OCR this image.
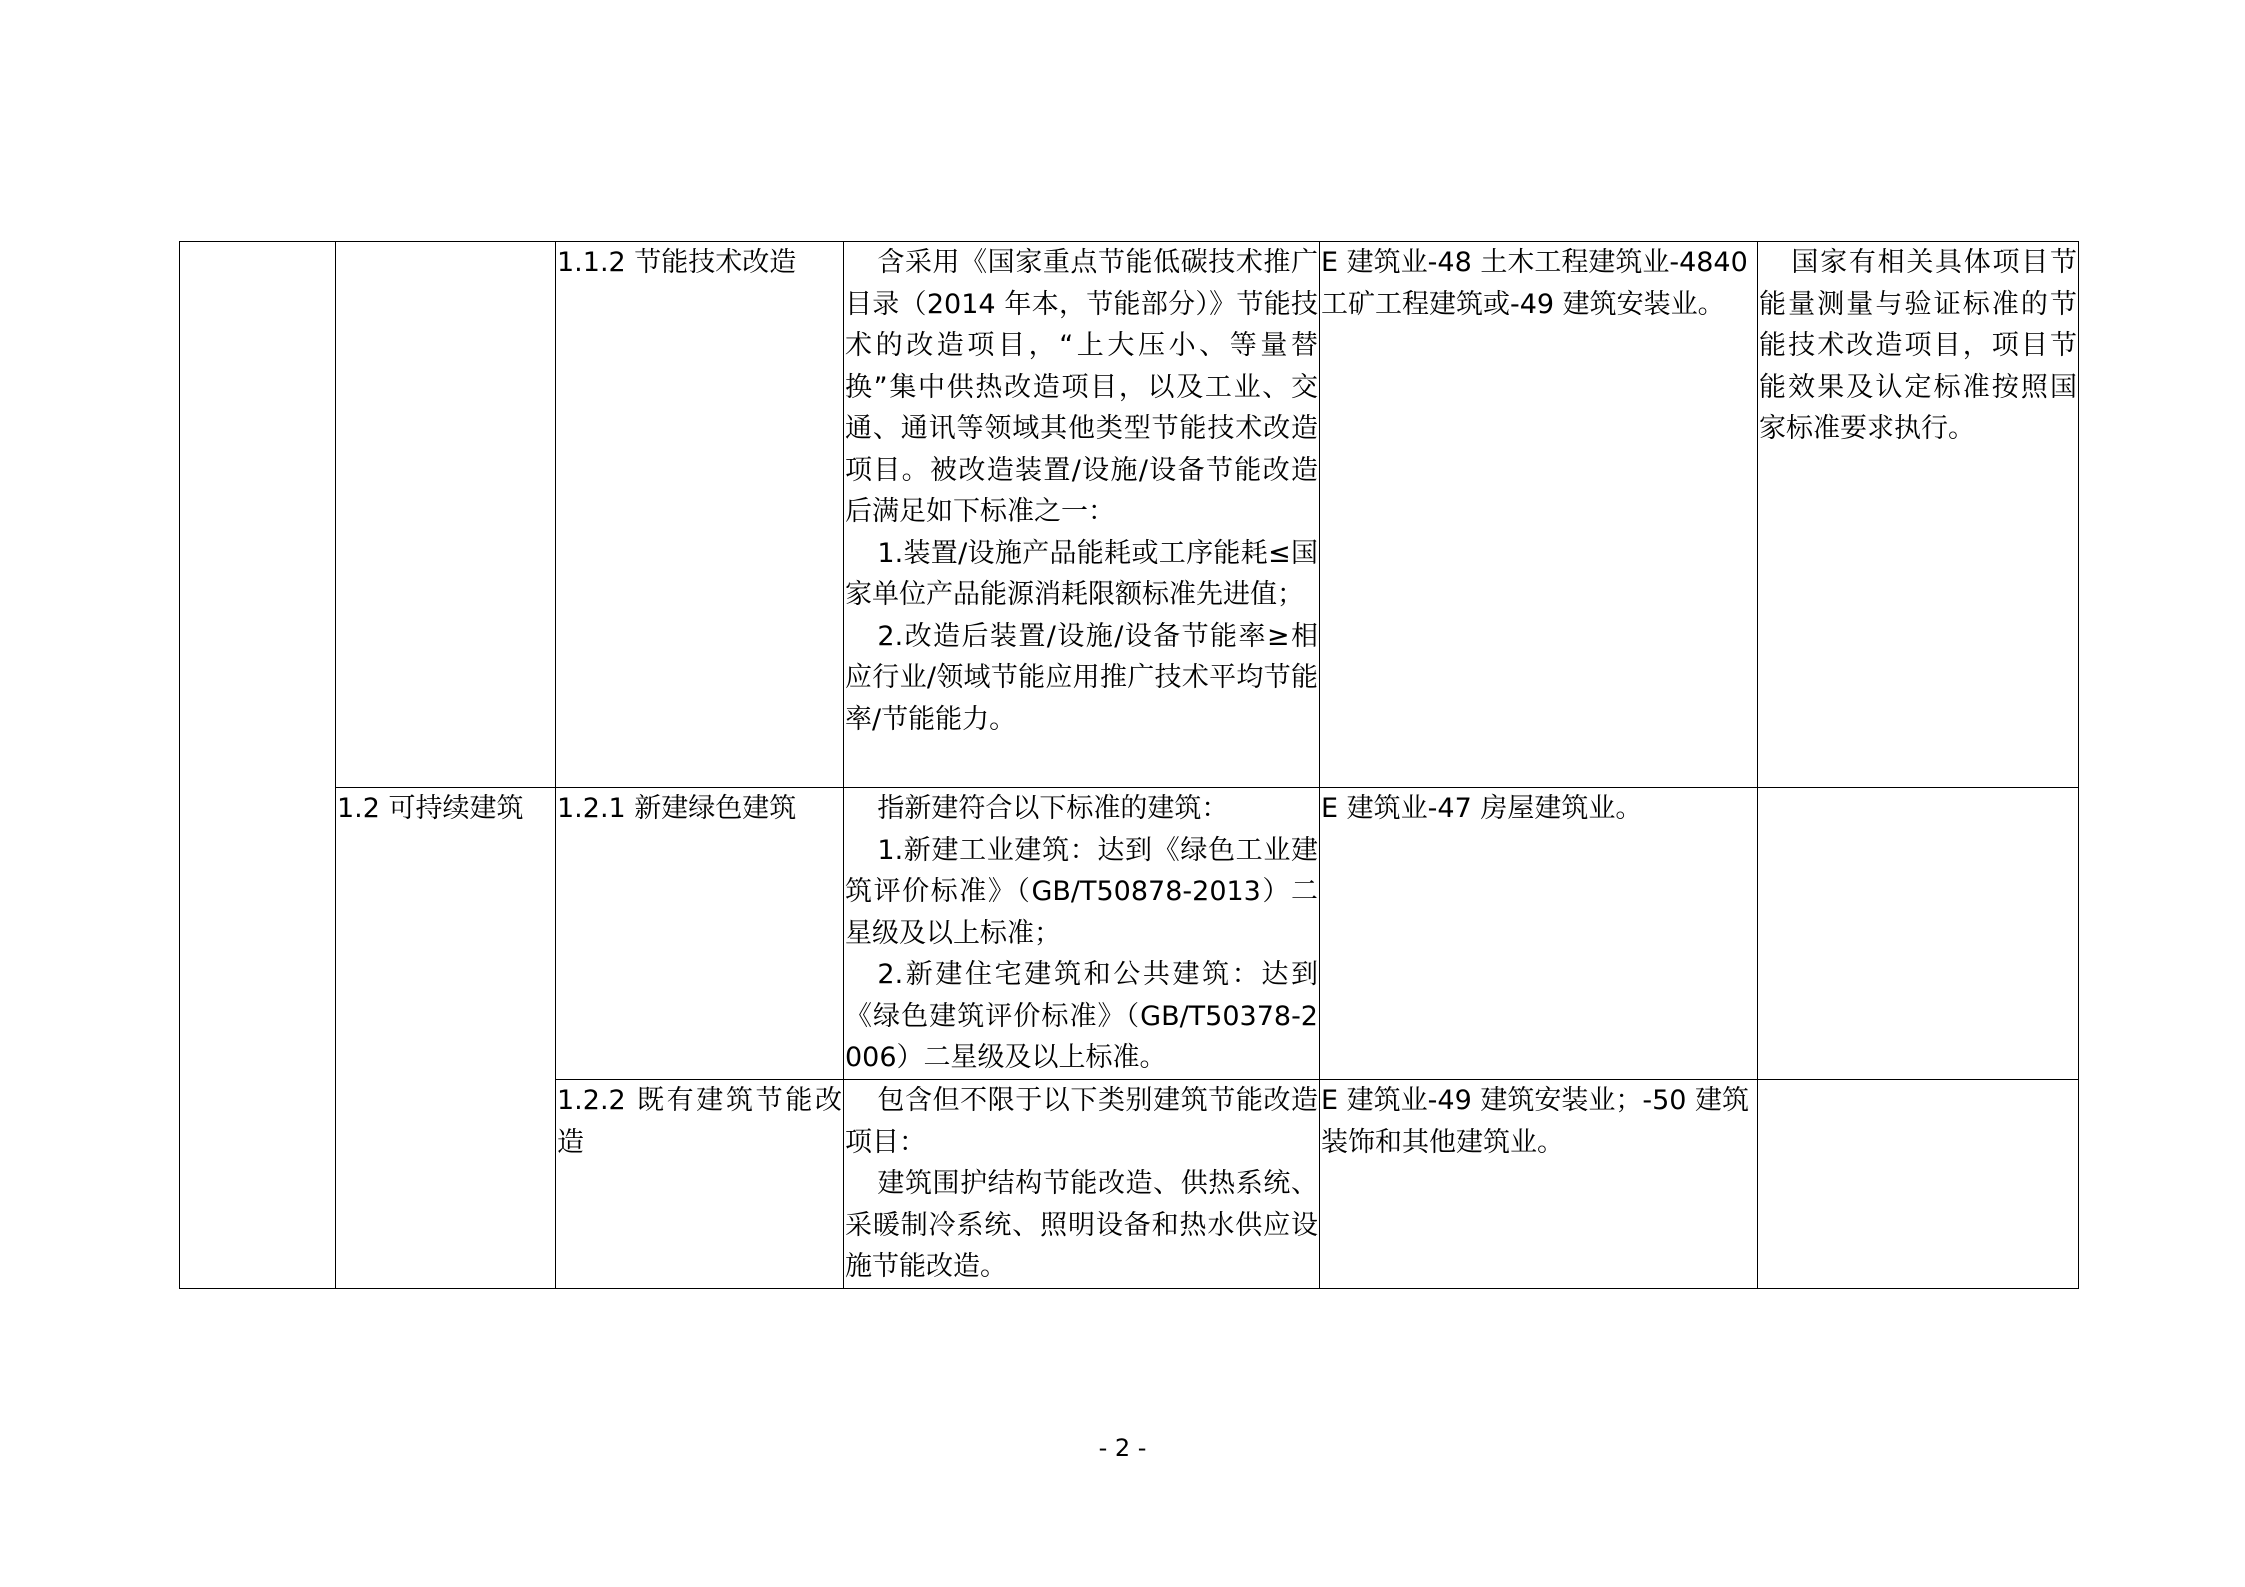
		1.1.2 节能技术改造	含采用《国家重点节能低碳技术推广目录（2014 年本，节能部分）》节能技术的改造项目，“上大压小、等量替换”集中供热改造项目，以及工业、交通、通讯等领域其他类型节能技术改造项目。被改造装置/设施/设备节能改造后满足如下标准之一：
1.装置/设施产品能耗或工序能耗≤国家单位产品能源消耗限额标准先进值；
2.改造后装置/设施/设备节能率≥相应行业/领域节能应用推广技术平均节能率/节能能力。	E 建筑业-48 土木工程建筑业-4840 工矿工程建筑或-49 建筑安装业。	国家有相关具体项目节能量测量与验证标准的节能技术改造项目，项目节能效果及认定标准按照国家标准要求执行。

	1.2 可持续建筑	1.2.1 新建绿色建筑	指新建符合以下标准的建筑：
1.新建工业建筑：达到《绿色工业建筑评价标准》（GB/T50878-2013）二星级及以上标准；
2.新建住宅建筑和公共建筑：达到《绿色建筑评价标准》（GB/T50378-2006）二星级及以上标准。	E 建筑业-47 房屋建筑业。	
		1.2.2 既有建筑节能改造	包含但不限于以下类别建筑节能改造项目：
建筑围护结构节能改造、供热系统、采暖制冷系统、照明设备和热水供应设施节能改造。	E 建筑业-49 建筑安装业；-50 建筑装饰和其他建筑业。	
- 2 -
